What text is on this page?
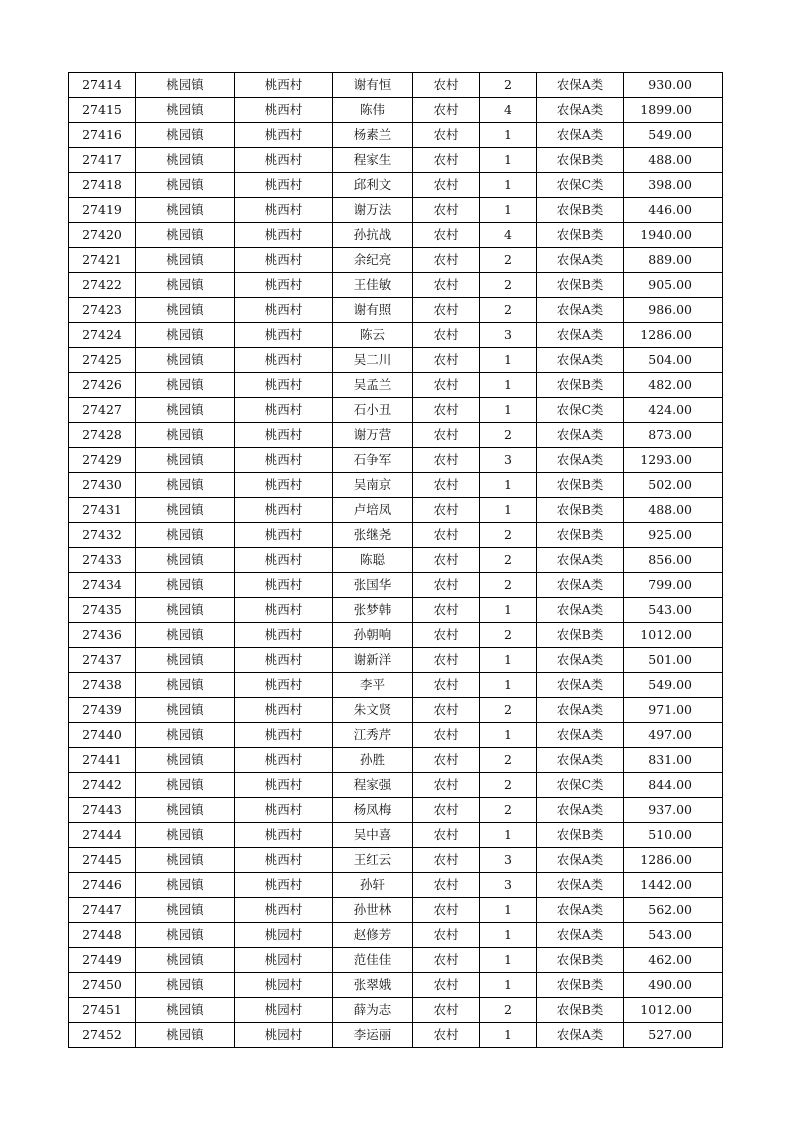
27414	桃园镇	桃西村	谢有恒	农村	2	农保A类	930.00
27415	桃园镇	桃西村	陈伟	农村	4	农保A类	1899.00
27416	桃园镇	桃西村	杨素兰	农村	1	农保A类	549.00
27417	桃园镇	桃西村	程家生	农村	1	农保B类	488.00
27418	桃园镇	桃西村	邱利文	农村	1	农保C类	398.00
27419	桃园镇	桃西村	谢万法	农村	1	农保B类	446.00
27420	桃园镇	桃西村	孙抗战	农村	4	农保B类	1940.00
27421	桃园镇	桃西村	余纪亮	农村	2	农保A类	889.00
27422	桃园镇	桃西村	王佳敏	农村	2	农保B类	905.00
27423	桃园镇	桃西村	谢有照	农村	2	农保A类	986.00
27424	桃园镇	桃西村	陈云	农村	3	农保A类	1286.00
27425	桃园镇	桃西村	吴二川	农村	1	农保A类	504.00
27426	桃园镇	桃西村	吴孟兰	农村	1	农保B类	482.00
27427	桃园镇	桃西村	石小丑	农村	1	农保C类	424.00
27428	桃园镇	桃西村	谢万营	农村	2	农保A类	873.00
27429	桃园镇	桃西村	石争军	农村	3	农保A类	1293.00
27430	桃园镇	桃西村	吴南京	农村	1	农保B类	502.00
27431	桃园镇	桃西村	卢培凤	农村	1	农保B类	488.00
27432	桃园镇	桃西村	张继尧	农村	2	农保B类	925.00
27433	桃园镇	桃西村	陈聪	农村	2	农保A类	856.00
27434	桃园镇	桃西村	张国华	农村	2	农保A类	799.00
27435	桃园镇	桃西村	张梦韩	农村	1	农保A类	543.00
27436	桃园镇	桃西村	孙朝响	农村	2	农保B类	1012.00
27437	桃园镇	桃西村	谢新洋	农村	1	农保A类	501.00
27438	桃园镇	桃西村	李平	农村	1	农保A类	549.00
27439	桃园镇	桃西村	朱文贤	农村	2	农保A类	971.00
27440	桃园镇	桃西村	江秀芹	农村	1	农保A类	497.00
27441	桃园镇	桃西村	孙胜	农村	2	农保A类	831.00
27442	桃园镇	桃西村	程家强	农村	2	农保C类	844.00
27443	桃园镇	桃西村	杨凤梅	农村	2	农保A类	937.00
27444	桃园镇	桃西村	吴中喜	农村	1	农保B类	510.00
27445	桃园镇	桃西村	王红云	农村	3	农保A类	1286.00
27446	桃园镇	桃西村	孙轩	农村	3	农保A类	1442.00
27447	桃园镇	桃西村	孙世林	农村	1	农保A类	562.00
27448	桃园镇	桃园村	赵修芳	农村	1	农保A类	543.00
27449	桃园镇	桃园村	范佳佳	农村	1	农保B类	462.00
27450	桃园镇	桃园村	张翠娥	农村	1	农保B类	490.00
27451	桃园镇	桃园村	薛为志	农村	2	农保B类	1012.00
27452	桃园镇	桃园村	李运丽	农村	1	农保A类	527.00
